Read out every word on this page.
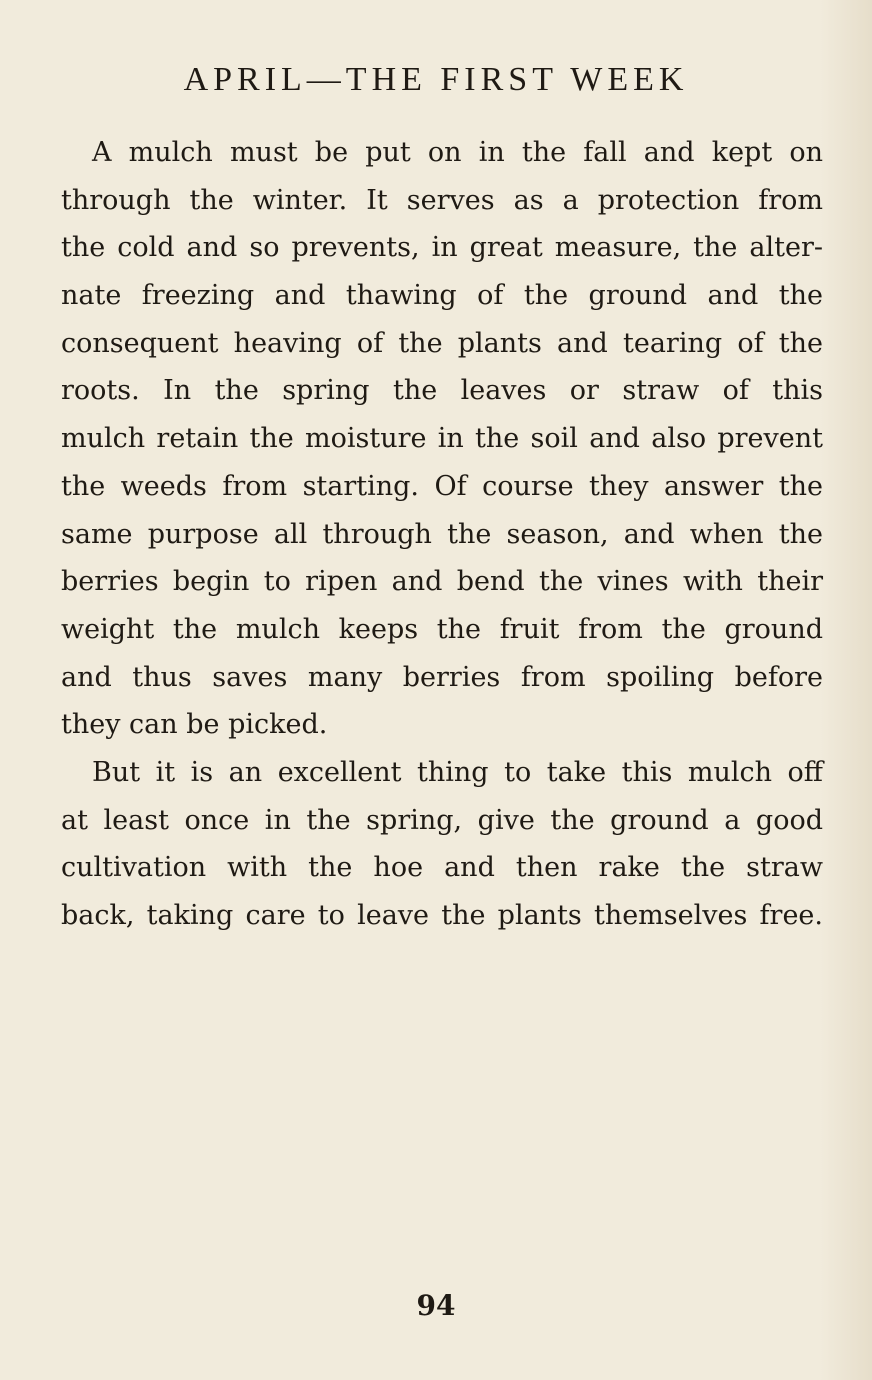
APRIL—THE FIRST WEEK
A mulch must be put on in the fall and kept on
through the winter. It serves as a protection from
the cold and so prevents, in great measure, the alter-
nate freezing and thawing of the ground and the
consequent heaving of the plants and tearing of the
roots. In the spring the leaves or straw of this
mulch retain the moisture in the soil and also prevent
the weeds from starting. Of course they answer the
same purpose all through the season, and when the
berries begin to ripen and bend the vines with their
weight the mulch keeps the fruit from the ground
and thus saves many berries from spoiling before
they can be picked.
But it is an excellent thing to take this mulch off
at least once in the spring, give the ground a good
cultivation with the hoe and then rake the straw
back, taking care to leave the plants themselves free.
94
